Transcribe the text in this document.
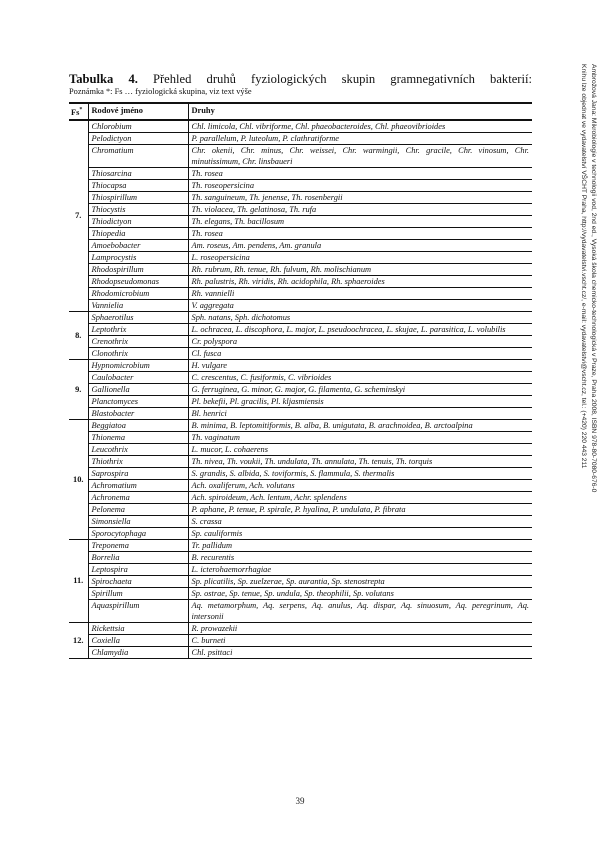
Tabulka 4. Přehled druhů fyziologických skupin gramnegativních bakterií:
Poznámka *: Fs … fyziologická skupina, viz text výše
Fs*	Rodové jméno	Druhy
7.	Chlorobium	Chl. limicola, Chl. vibriforme, Chl. phaeobacteroides, Chl. phaeovibrioides
	Pelodictyon	P. parallelum, P. luteolum, P. clathratiforme
	Chromatium	Chr. okenii, Chr. minus, Chr. weissei, Chr. warmingii, Chr. gracile, Chr. vinosum, Chr. minutissimum, Chr. linsbaueri
	Thiosarcina	Th. rosea
	Thiocapsa	Th. roseopersicina
	Thiospirillum	Th. sanguineum, Th. jenense, Th. rosenbergii
	Thiocystis	Th. violacea, Th. gelatinosa, Th. rufa
	Thiodictyon	Th. elegans, Th. bacillosum
	Thiopedia	Th. rosea
	Amoebobacter	Am. roseus, Am. pendens, Am. granula
	Lamprocystis	L. roseopersicina
	Rhodospirillum	Rh. rubrum, Rh. tenue, Rh. fulvum, Rh. molischianum
	Rhodopseudomonas	Rh. palustris, Rh. viridis, Rh. acidophila, Rh. sphaeroides
	Rhodomicrobium	Rh. vannielli
	Vannielia	V. aggregata
8.	Sphaerotilus	Sph. natans, Sph. dichotomus
	Leptothrix	L. ochracea, L. discophora, L. major, L. pseudoochracea, L. skujae, L. parasitica, L. volubilis
	Crenothrix	Cr. polyspora
	Clonothrix	Cl. fusca
9.	Hypnomicrobium	H. vulgare
	Caulobacter	C. crescentus, C. fusiformis, C. vibrioides
	Gallionella	G. ferruginea, G. minor, G. major, G. filamenta, G. scheminskyi
	Planctomyces	Pl. bekefii, Pl. gracilis, Pl. kljasmiensis
	Blastobacter	Bl. henrici
10.	Beggiatoa	B. minima, B. leptomitiformis, B. alba, B. unigutata, B. arachnoidea, B. arctoalpina
	Thionema	Th. vaginatum
	Leucothrix	L. mucor, L. cohaerens
	Thiothrix	Th. nivea, Th. voukii, Th. undulata, Th. annulata, Th. tenuis, Th. torquis
	Saprospira	S. grandis, S. albida, S. toviformis, S. flammula, S. thermalis
	Achromatium	Ach. oxaliferum, Ach. volutans
	Achronema	Ach. spiroideum, Ach. lentum, Achr. splendens
	Pelonema	P. aphane, P. tenue, P. spirale, P. hyalina, P. undulata, P. fibrata
	Simonsiella	S. crassa
	Sporocytophaga	Sp. cauliformis
11.	Treponema	Tr. pallidum
	Borrelia	B. recurentis
	Leptospira	L. icterohaemorrhagiae
	Spirochaeta	Sp. plicatilis, Sp. zuelzerae, Sp. aurantia, Sp. stenostrepta
	Spirillum	Sp. ostrae, Sp. tenue, Sp. undula, Sp. theophilii, Sp. volutans
	Aquaspirillum	Aq. metamorphum, Aq. serpens, Aq. anulus, Aq. dispar, Aq. sinuosum, Aq. peregrinum, Aq. intersonii
12.	Rickettsia	R. prowazekii
	Coxiella	C. burneti
	Chlamydia	Chl. psittaci
Ambrožová Jana: Mikrobiologie v technologii vod, 2nd ed., Vysoká škola chemicko-technologická v Praze, Praha 2008, ISBN 978-80-7080-676-0
Knihu lze objednat ve vydavatelství VŠCHT Praha, http://vydavatelstvi.vscht.cz/, e-mail: vydavatelstvi@vscht.cz, tel.: (+420) 220 443 211
39
